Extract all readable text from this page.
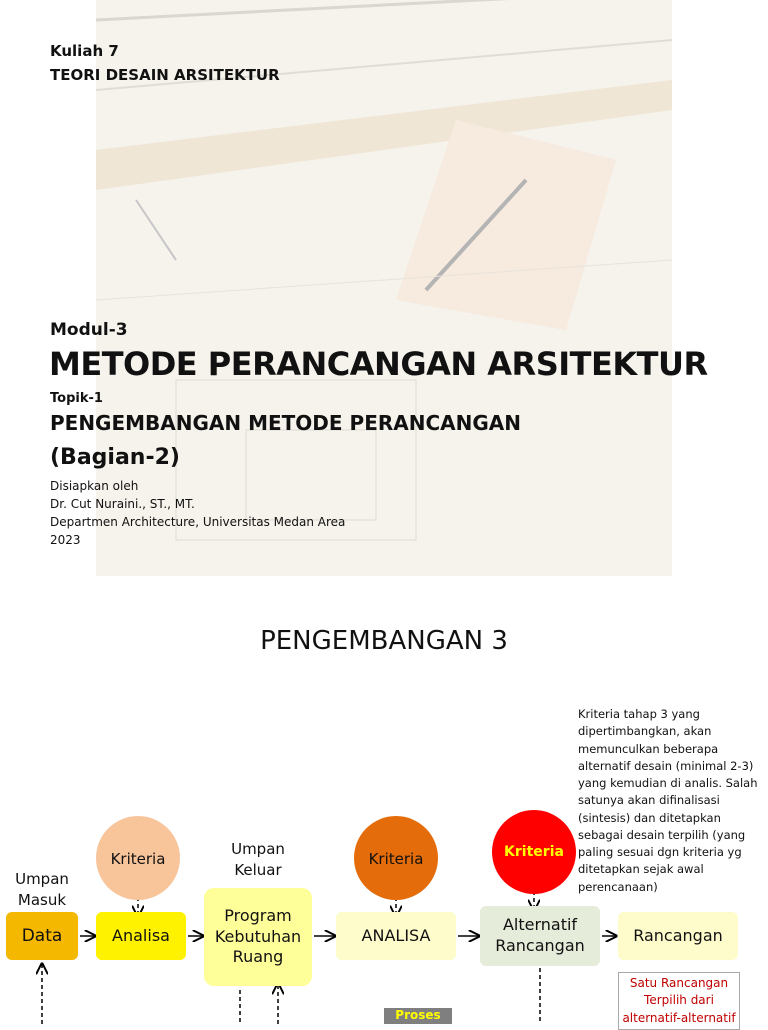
Kuliah 7

TEORI DESAIN ARSITEKTUR

Modul-3

METODE PERANCANGAN ARSITEKTUR

Topik-1

PENGEMBANGAN METODE PERANCANGAN

(Bagian-2)

Disiapkan oleh

Dr. Cut Nuraini., ST., MT.

Departmen Architecture, Universitas Medan Area

2023

PENGEMBANGAN 3

Umpan Masuk
Umpan Keluar
Kriteria	Kriteria	Kriteria
Data	Analisa
Program Kebutuhan Ruang
ANALISA
Alternatif Rancangan
Rancangan
Kriteria tahap 3 yang dipertimbangkan, akan memunculkan beberapa alternatif desain (minimal 2-3) yang kemudian di analis. Salah satunya akan difinalisasi (sintesis) dan ditetapkan sebagai desain terpilih (yang paling sesuai dgn kriteria yg ditetapkan sejak awal perencanaan)
Satu Rancangan Terpilih dari alternatif-alternatif
Proses
